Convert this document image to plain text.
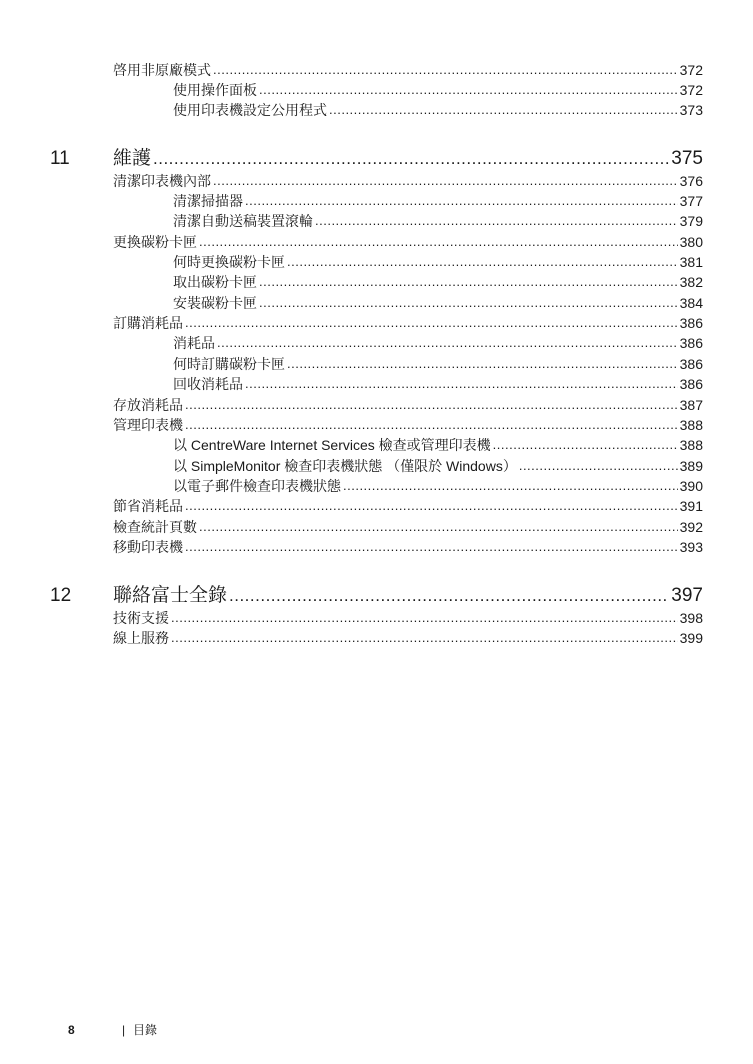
啓用非原廠模式 .....	372
使用操作面板 .....	372
使用印表機設定公用程式 .....	373
11 維護 .....	375
清潔印表機內部 .....	376
清潔掃描器 .....	377
清潔自動送稿裝置滾輪 .....	379
更換碳粉卡匣 .....	380
何時更換碳粉卡匣 .....	381
取出碳粉卡匣 .....	382
安裝碳粉卡匣 .....	384
訂購消耗品 .....	386
消耗品 .....	386
何時訂購碳粉卡匣 .....	386
回收消耗品 .....	386
存放消耗品 .....	387
管理印表機 .....	388
以 CentreWare Internet Services 檢查或管理印表機 .....	388
以 SimpleMonitor 檢查印表機狀態 （僅限於 Windows） .....	389
以電子郵件檢查印表機狀態 .....	390
節省消耗品 .....	391
檢查統計頁數 .....	392
移動印表機 .....	393
12 聯絡富士全錄 .....	397
技術支援 .....	398
線上服務 .....	399
8	| 目錄
